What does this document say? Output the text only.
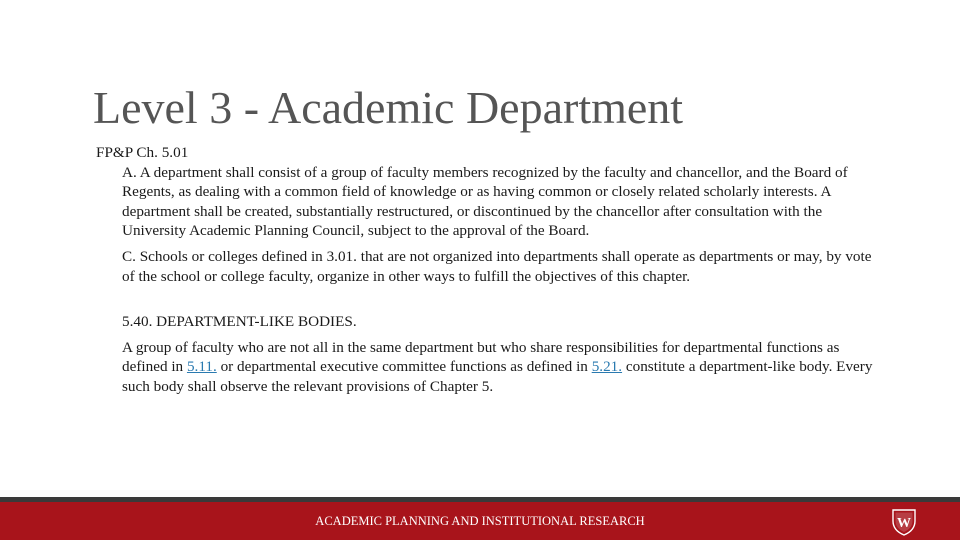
Level 3 - Academic Department

FP&P Ch. 5.01

A. A department shall consist of a group of faculty members recognized by the faculty and chancellor, and the Board of Regents, as dealing with a common field of knowledge or as having common or closely related scholarly interests. A department shall be created, substantially restructured, or discontinued by the chancellor after consultation with the University Academic Planning Council, subject to the approval of the Board.

C. Schools or colleges defined in 3.01. that are not organized into departments shall operate as departments or may, by vote of the school or college faculty, organize in other ways to fulfill the objectives of this chapter.

5.40. DEPARTMENT-LIKE BODIES.

A group of faculty who are not all in the same department but who share responsibilities for departmental functions as defined in 5.11. or departmental executive committee functions as defined in 5.21. constitute a department-like body. Every such body shall observe the relevant provisions of Chapter 5.

ACADEMIC PLANNING AND INSTITUTIONAL RESEARCH	W
